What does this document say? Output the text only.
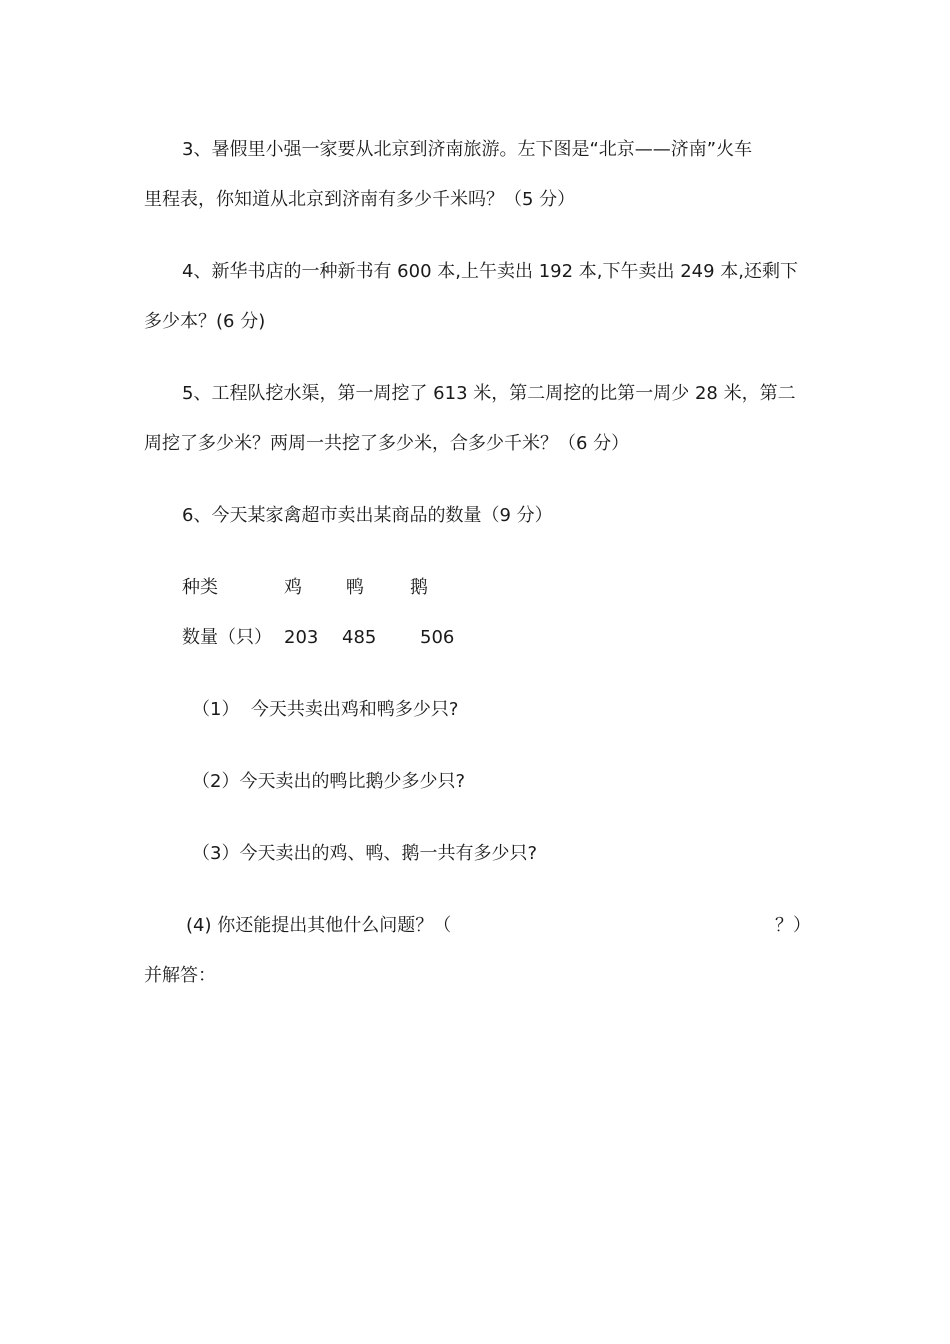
3、暑假里小强一家要从北京到济南旅游。左下图是“北京——济南”火车
里程表，你知道从北京到济南有多少千米吗？（5 分）
4、新华书店的一种新书有 600 本,上午卖出 192 本,下午卖出 249 本,还剩下
多少本？(6 分)
5、工程队挖水渠，第一周挖了 613 米，第二周挖的比第一周少 28 米，第二
周挖了多少米？两周一共挖了多少米，合多少千米？（6 分）
6、今天某家禽超市卖出某商品的数量（9 分）
种类	鸡 鸭	鹅
数量（只） 203 485 506
（1）  今天共卖出鸡和鸭多少只?
（2）今天卖出的鸭比鹅少多少只?
（3）今天卖出的鸡、鸭、鹅一共有多少只?
(4) 你还能提出其他什么问题？（	？）
并解答：
